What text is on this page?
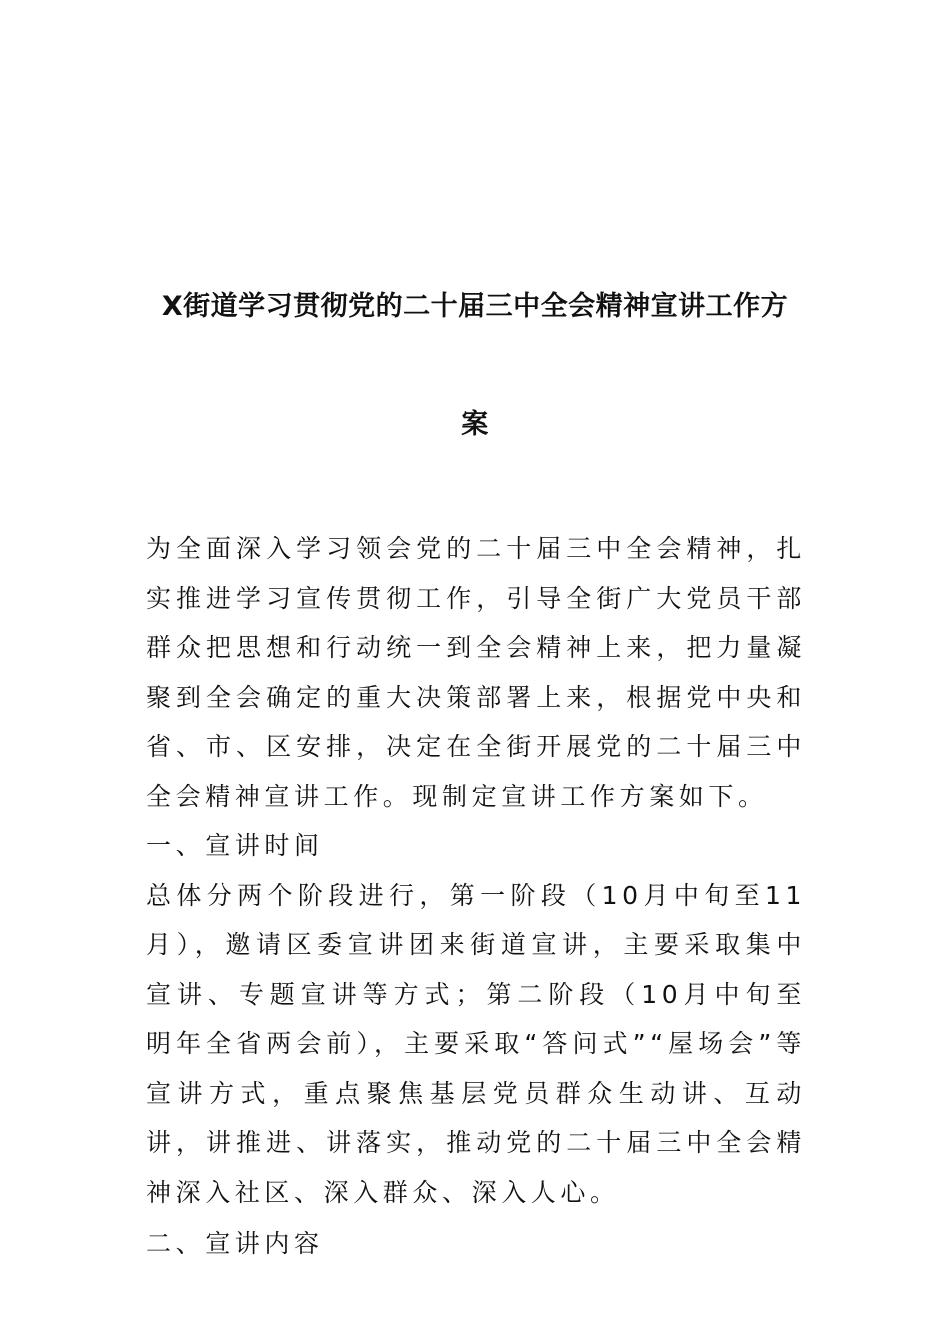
X街道学习贯彻党的二十届三中全会精神宣讲工作方
案

为全面深入学习领会党的二十届三中全会精神，扎实推进学习宣传贯彻工作，引导全街广大党员干部群众把思想和行动统一到全会精神上来，把力量凝聚到全会确定的重大决策部署上来，根据党中央和省、市、区安排，决定在全街开展党的二十届三中全会精神宣讲工作。现制定宣讲工作方案如下。

一、宣讲时间

总体分两个阶段进行，第一阶段（10月中旬至11月），邀请区委宣讲团来街道宣讲，主要采取集中宣讲、专题宣讲等方式；第二阶段（10月中旬至明年全省两会前），主要采取“答问式”“屋场会”等宣讲方式，重点聚焦基层党员群众生动讲、互动讲，讲推进、讲落实，推动党的二十届三中全会精神深入社区、深入群众、深入人心。

二、宣讲内容
